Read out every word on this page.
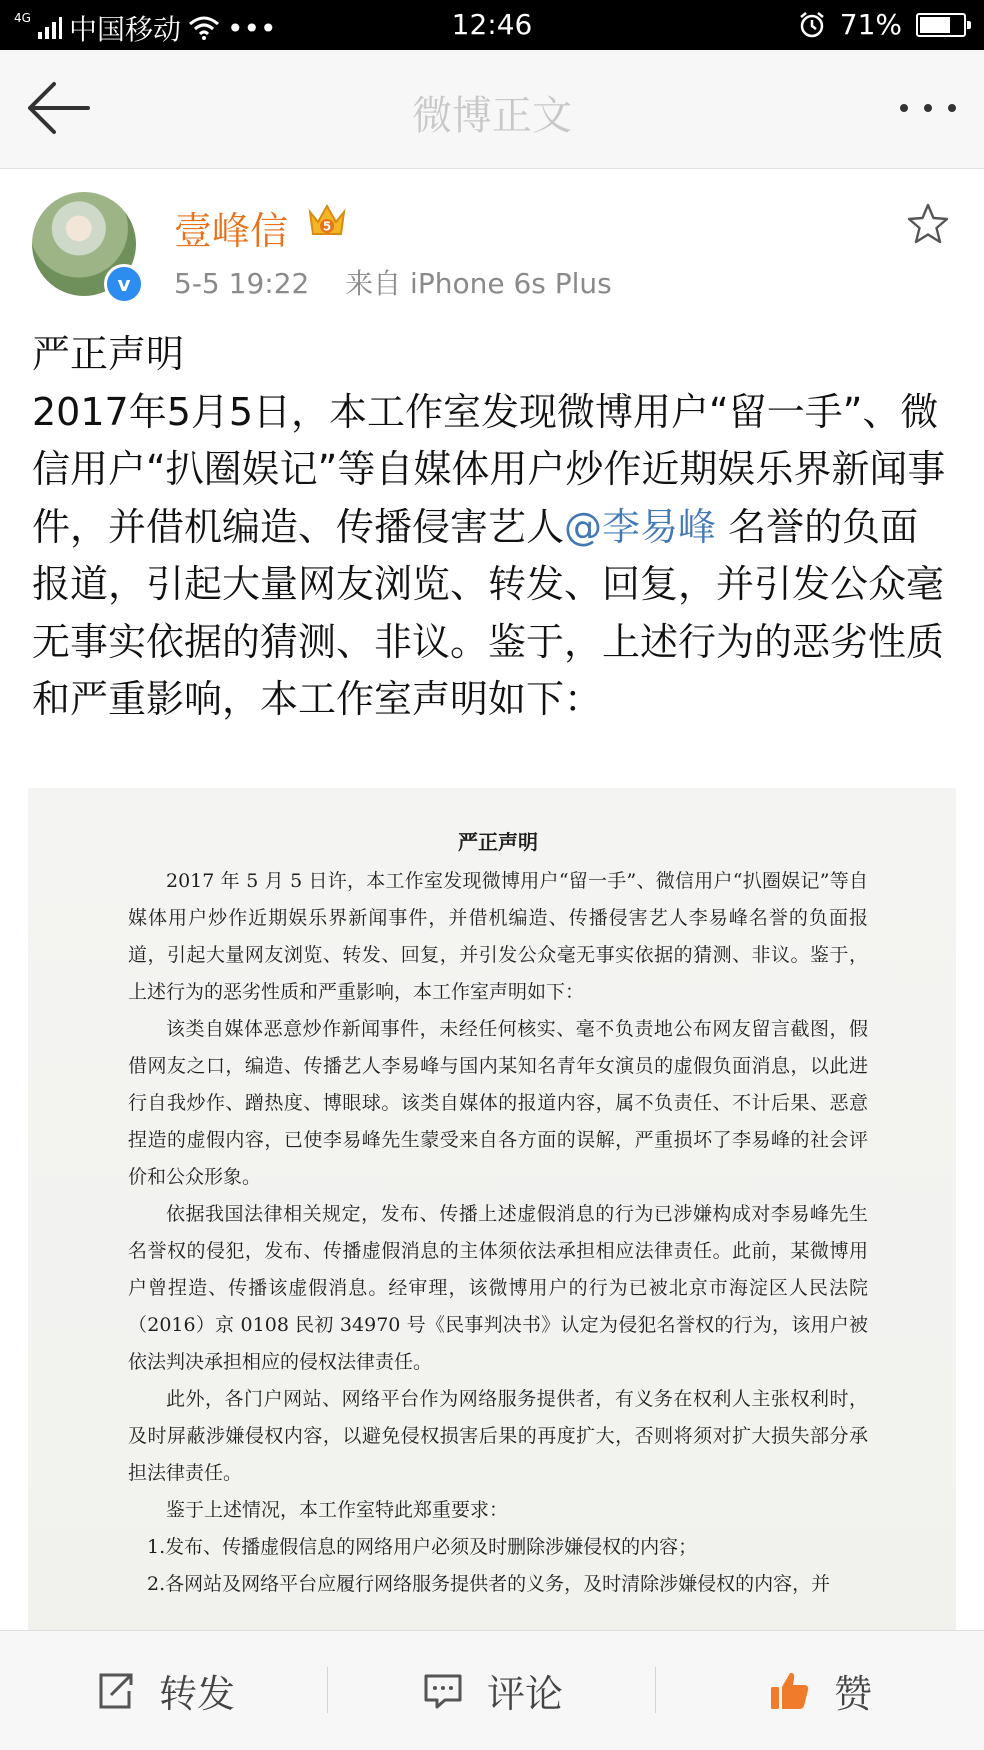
4G 中国移动 •••	12:46	71%
微博正文
v
壹峰信	5
5-5 19:22 来自 iPhone 6s Plus

严正声明

2017年5月5日，本工作室发现微博用户“留一手”、微信用户“扒圈娱记”等自媒体用户炒作近期娱乐界新闻事件，并借机编造、传播侵害艺人@李易峰 名誉的负面报道，引起大量网友浏览、转发、回复，并引发公众毫无事实依据的猜测、非议。鉴于，上述行为的恶劣性质和严重影响，本工作室声明如下：

严正声明

2017 年 5 月 5 日许，本工作室发现微博用户“留一手”、微信用户“扒圈娱记”等自媒体用户炒作近期娱乐界新闻事件，并借机编造、传播侵害艺人李易峰名誉的负面报道，引起大量网友浏览、转发、回复，并引发公众毫无事实依据的猜测、非议。鉴于，上述行为的恶劣性质和严重影响，本工作室声明如下：

该类自媒体恶意炒作新闻事件，未经任何核实、毫不负责地公布网友留言截图，假借网友之口，编造、传播艺人李易峰与国内某知名青年女演员的虚假负面消息，以此进行自我炒作、蹭热度、博眼球。该类自媒体的报道内容，属不负责任、不计后果、恶意捏造的虚假内容，已使李易峰先生蒙受来自各方面的误解，严重损坏了李易峰的社会评价和公众形象。

依据我国法律相关规定，发布、传播上述虚假消息的行为已涉嫌构成对李易峰先生名誉权的侵犯，发布、传播虚假消息的主体须依法承担相应法律责任。此前，某微博用户曾捏造、传播该虚假消息。经审理，该微博用户的行为已被北京市海淀区人民法院（2016）京 0108 民初 34970 号《民事判决书》认定为侵犯名誉权的行为，该用户被依法判决承担相应的侵权法律责任。

此外，各门户网站、网络平台作为网络服务提供者，有义务在权利人主张权利时，及时屏蔽涉嫌侵权内容，以避免侵权损害后果的再度扩大，否则将须对扩大损失部分承担法律责任。

鉴于上述情况，本工作室特此郑重要求：

1.发布、传播虚假信息的网络用户必须及时删除涉嫌侵权的内容；

2.各网站及网络平台应履行网络服务提供者的义务，及时清除涉嫌侵权的内容，并

转发	评论	赞
